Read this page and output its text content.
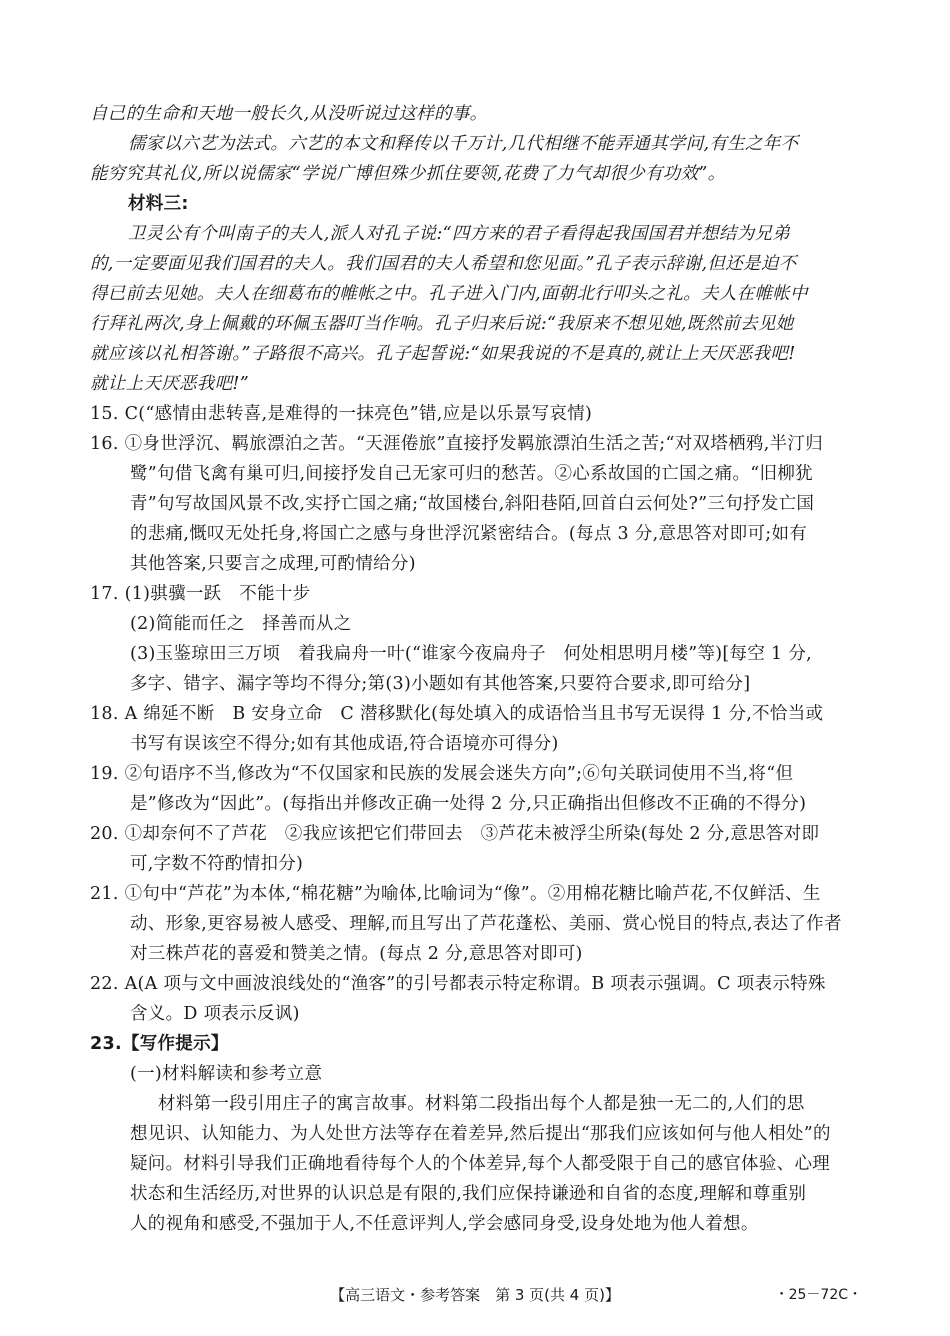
自己的生命和天地一般长久,从没听说过这样的事。
儒家以六艺为法式。六艺的本文和释传以千万计,几代相继不能弄通其学问,有生之年不
能穷究其礼仪,所以说儒家“学说广博但殊少抓住要领,花费了力气却很少有功效”。
材料三:
卫灵公有个叫南子的夫人,派人对孔子说:“四方来的君子看得起我国国君并想结为兄弟
的,一定要面见我们国君的夫人。我们国君的夫人希望和您见面。”孔子表示辞谢,但还是迫不
得已前去见她。夫人在细葛布的帷帐之中。孔子进入门内,面朝北行叩头之礼。夫人在帷帐中
行拜礼两次,身上佩戴的环佩玉器叮当作响。孔子归来后说:“我原来不想见她,既然前去见她
就应该以礼相答谢。”子路很不高兴。孔子起誓说:“如果我说的不是真的,就让上天厌恶我吧!
就让上天厌恶我吧!”
15. C(“感情由悲转喜,是难得的一抹亮色”错,应是以乐景写哀情)
16. ①身世浮沉、羁旅漂泊之苦。“天涯倦旅”直接抒发羁旅漂泊生活之苦;“对双塔栖鸦,半汀归
鹭”句借飞禽有巢可归,间接抒发自己无家可归的愁苦。②心系故国的亡国之痛。“旧柳犹
青”句写故国风景不改,实抒亡国之痛;“故国楼台,斜阳巷陌,回首白云何处?”三句抒发亡国
的悲痛,慨叹无处托身,将国亡之感与身世浮沉紧密结合。(每点 3 分,意思答对即可;如有
其他答案,只要言之成理,可酌情给分)
17. (1)骐骥一跃　不能十步
(2)简能而任之　择善而从之
(3)玉鉴琼田三万顷　着我扁舟一叶(“谁家今夜扁舟子　何处相思明月楼”等)[每空 1 分,
多字、错字、漏字等均不得分;第(3)小题如有其他答案,只要符合要求,即可给分]
18. A 绵延不断　B 安身立命　C 潜移默化(每处填入的成语恰当且书写无误得 1 分,不恰当或
书写有误该空不得分;如有其他成语,符合语境亦可得分)
19. ②句语序不当,修改为“不仅国家和民族的发展会迷失方向”;⑥句关联词使用不当,将“但
是”修改为“因此”。(每指出并修改正确一处得 2 分,只正确指出但修改不正确的不得分)
20. ①却奈何不了芦花　②我应该把它们带回去　③芦花未被浮尘所染(每处 2 分,意思答对即
可,字数不符酌情扣分)
21. ①句中“芦花”为本体,“棉花糖”为喻体,比喻词为“像”。②用棉花糖比喻芦花,不仅鲜活、生
动、形象,更容易被人感受、理解,而且写出了芦花蓬松、美丽、赏心悦目的特点,表达了作者
对三株芦花的喜爱和赞美之情。(每点 2 分,意思答对即可)
22. A(A 项与文中画波浪线处的“渔客”的引号都表示特定称谓。B 项表示强调。C 项表示特殊
含义。D 项表示反讽)
23.【写作提示】
(一)材料解读和参考立意
材料第一段引用庄子的寓言故事。材料第二段指出每个人都是独一无二的,人们的思
想见识、认知能力、为人处世方法等存在着差异,然后提出“那我们应该如何与他人相处”的
疑问。材料引导我们正确地看待每个人的个体差异,每个人都受限于自己的感官体验、心理
状态和生活经历,对世界的认识总是有限的,我们应保持谦逊和自省的态度,理解和尊重别
人的视角和感受,不强加于人,不任意评判人,学会感同身受,设身处地为他人着想。
【高三语文・参考答案　第 3 页(共 4 页)】	・25－72C・
